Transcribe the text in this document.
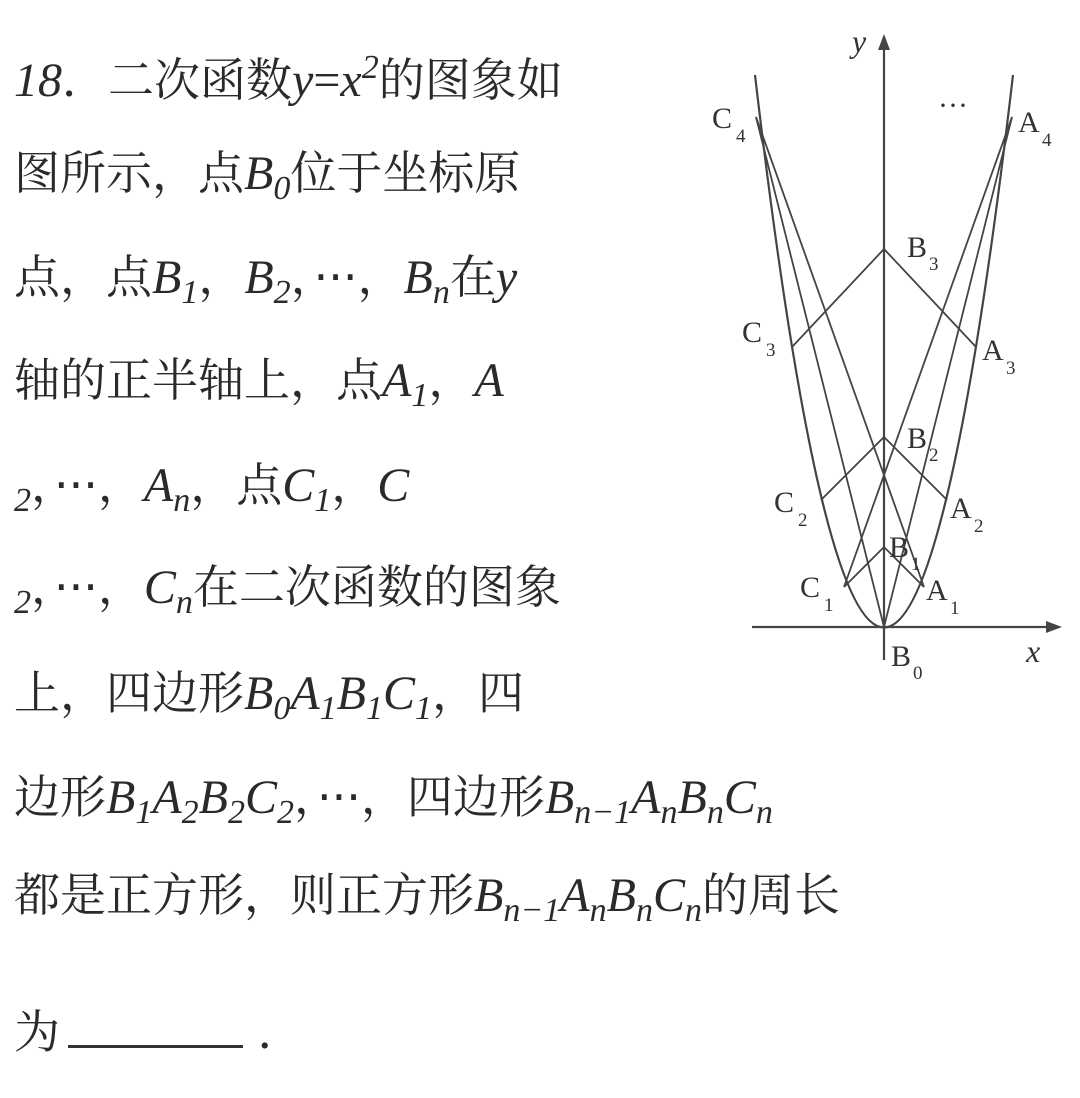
18．二次函数$y=x^2$的图象如
图所示，点$B_0$位于坐标原
点，点$B_1$，$B_2$，···，$B_n$在y
轴的正半轴上，点$A_1$，A
$_2$，···，$A_n$，点$C_1$，C
$_2$，···，$C_n$在二次函数的图象
上，四边形$B_0A_1B_1C_1$，四
边形$B_1A_2B_2C_2$，···，四边形$B_{n-1}A_nB_nC_n$
都是正方形，则正方形$B_{n-1}A_nB_nC_n$的周长
为	．
x
y
···
B
0
B
1
B
2
B
3
A
1
A
2
A
3
A
4
C
1
C
2
C
3
C
4
